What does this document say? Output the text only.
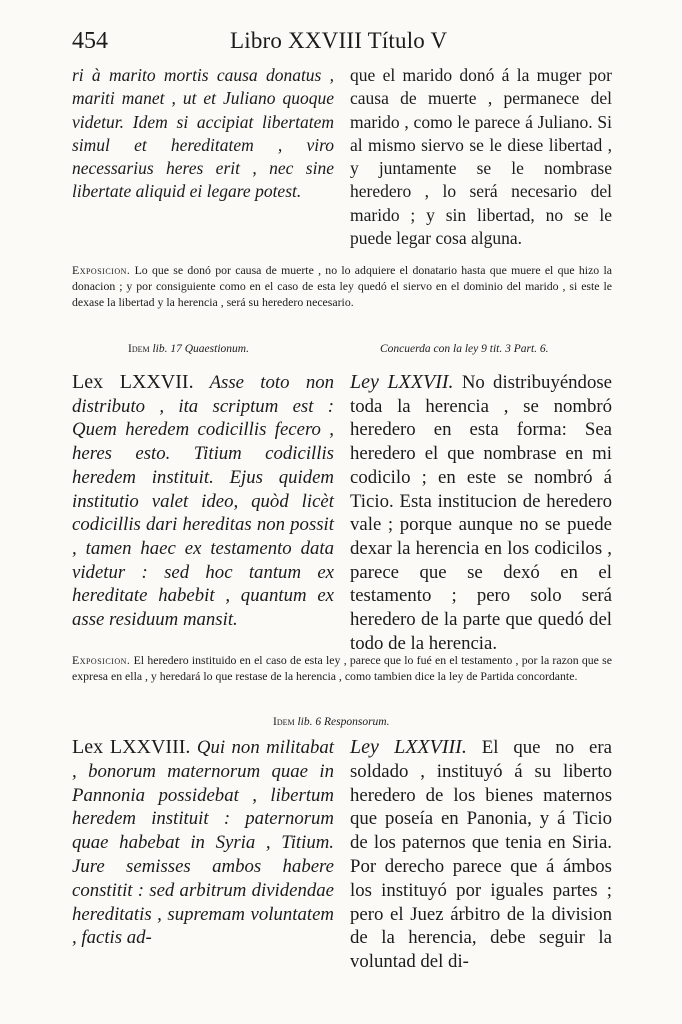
454	Libro XXVIII Título V

ri à marito mortis causa donatus , mariti manet , ut et Juliano quoque videtur. Idem si accipiat libertatem simul et hereditatem , viro necessarius heres erit , nec sine libertate aliquid ei legare potest.

que el marido donó á la muger por causa de muerte , permanece del marido , como le parece á Juliano. Si al mismo siervo se le diese libertad , y juntamente se le nombrase heredero , lo será necesario del marido ; y sin libertad, no se le puede legar cosa alguna.

Exposicion. Lo que se donó por causa de muerte , no lo adquiere el donatario hasta que muere el que hizo la donacion ; y por consiguiente como en el caso de esta ley quedó el siervo en el dominio del marido , si este le dexase la libertad y la herencia , será su heredero necesario.

Idem lib. 17 Quaestionum.	Concuerda con la ley 9 tit. 3 Part. 6.

Lex LXXVII. Asse toto non distributo , ita scriptum est : Quem heredem codicillis fecero , heres esto. Titium codicillis heredem instituit. Ejus quidem institutio valet ideo, quòd licèt codicillis dari hereditas non possit , tamen haec ex testamento data videtur : sed hoc tantum ex hereditate habebit , quantum ex asse residuum mansit.

Ley LXXVII. No distribuyéndose toda la herencia , se nombró heredero en esta forma: Sea heredero el que nombrase en mi codicilo ; en este se nombró á Ticio. Esta institucion de heredero vale ; porque aunque no se puede dexar la herencia en los codicilos , parece que se dexó en el testamento ; pero solo será heredero de la parte que quedó del todo de la herencia.

Exposicion. El heredero instituido en el caso de esta ley , parece que lo fué en el testamento , por la razon que se expresa en ella , y heredará lo que restase de la herencia , como tambien dice la ley de Partida concordante.

Idem lib. 6 Responsorum.

Lex LXXVIII. Qui non militabat , bonorum maternorum quae in Pannonia possidebat , libertum heredem instituit : paternorum quae habebat in Syria , Titium. Jure semisses ambos habere constitit : sed arbitrum dividendae hereditatis , supremam voluntatem , factis ad-

Ley LXXVIII. El que no era soldado , instituyó á su liberto heredero de los bienes maternos que poseía en Panonia, y á Ticio de los paternos que tenia en Siria. Por derecho parece que á ámbos los instituyó por iguales partes ; pero el Juez árbitro de la division de la herencia, debe seguir la voluntad del di-
